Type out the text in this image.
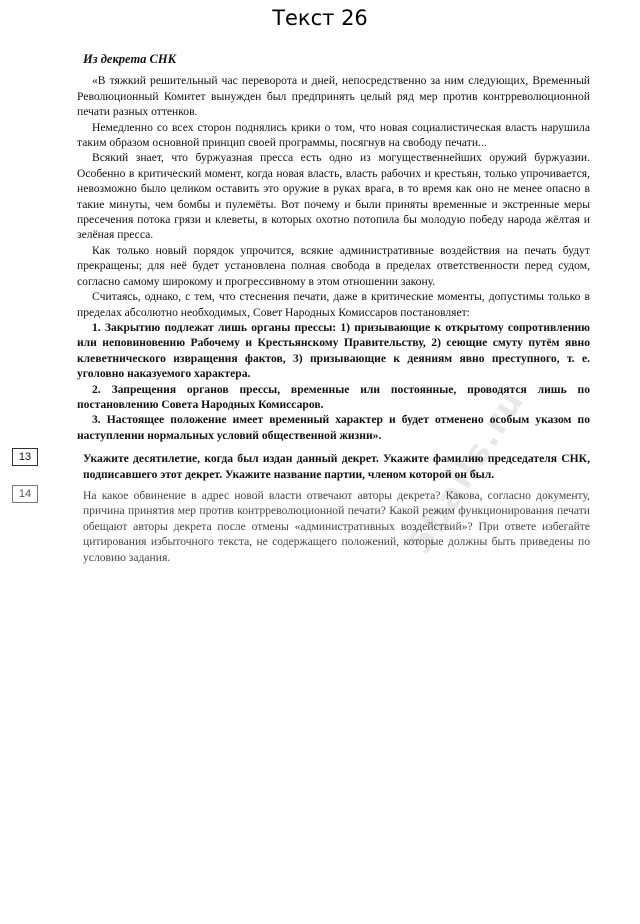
Текст 26
Из декрета СНК

«В тяжкий решительный час переворота и дней, непосредственно за ним следующих, Временный Революционный Комитет вынужден был предпринять целый ряд мер против контрреволюционной печати разных оттенков.

Немедленно со всех сторон поднялись крики о том, что новая социалистическая власть нарушила таким образом основной принцип своей программы, посягнув на свободу печати...

Всякий знает, что буржуазная пресса есть одно из могущественнейших оружий буржуазии. Особенно в критический момент, когда новая власть, власть рабочих и крестьян, только упрочивается, невозможно было целиком оставить это оружие в руках врага, в то время как оно не менее опасно в такие минуты, чем бомбы и пулемёты. Вот почему и были приняты временные и экстренные меры пресечения потока грязи и клеветы, в которых охотно потопила бы молодую победу народа жёлтая и зелёная пресса.

Как только новый порядок упрочится, всякие административные воздействия на печать будут прекращены; для неё будет установлена полная свобода в пределах ответственности перед судом, согласно самому широкому и прогрессивному в этом отношении закону.

Считаясь, однако, с тем, что стеснения печати, даже в критические моменты, допустимы только в пределах абсолютно необходимых, Совет Народных Комиссаров постановляет:

1. Закрытию подлежат лишь органы прессы: 1) призывающие к открытому сопротивлению или неповиновению Рабочему и Крестьянскому Правительству, 2) сеющие смуту путём явно клеветнического извращения фактов, 3) призывающие к деяниям явно преступного, т. е. уголовно наказуемого характера.

2. Запрещения органов прессы, временные или постоянные, проводятся лишь по постановлению Совета Народных Комиссаров.

3. Настоящее положение имеет временный характер и будет отменено особым указом по наступлении нормальных условий общественной жизни».

13	Укажите десятилетие, когда был издан данный декрет. Укажите фамилию председателя СНК, подписавшего этот декрет. Укажите название партии, членом которой он был.
14	На какое обвинение в адрес новой власти отвечают авторы декрета? Какова, согласно документу, причина принятия мер против контрреволюционной печати? Какой режим функционирования печати обещают авторы декрета после отмены «административных воздействий»? При ответе избегайте цитирования избыточного текста, не содержащего положений, которые должны быть приведены по условию задания.	5balls.ru
